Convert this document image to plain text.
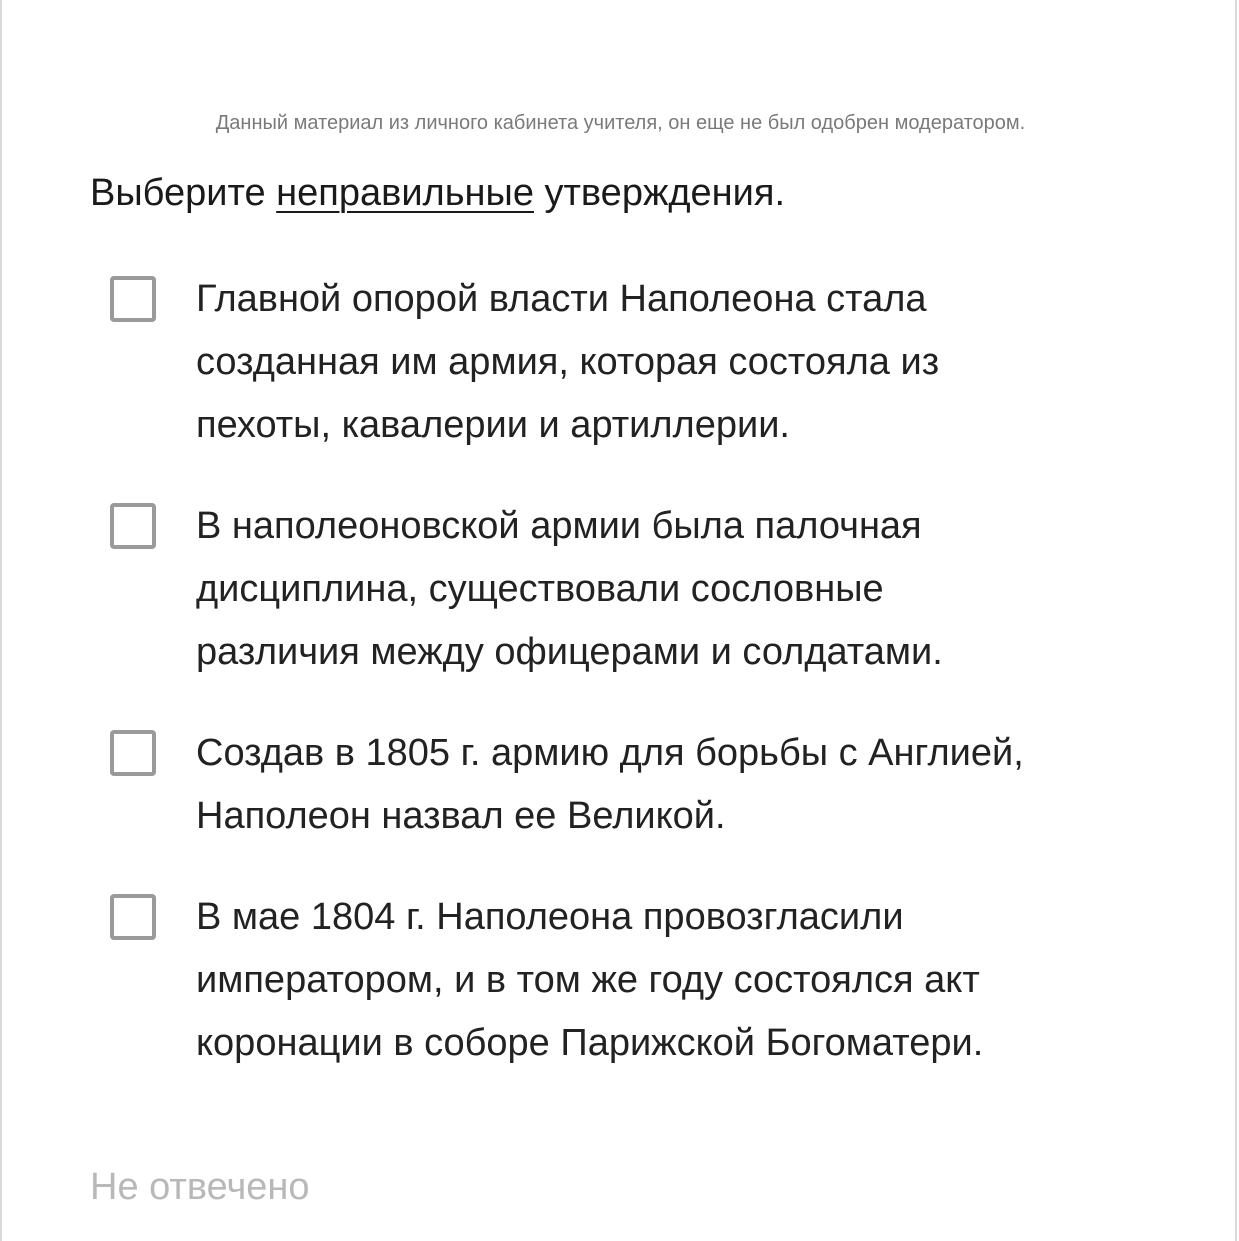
Данный материал из личного кабинета учителя, он еще не был одобрен модератором.
Выберите неправильные утверждения.
Главной опорой власти Наполеона стала
созданная им армия, которая состояла из
пехоты, кавалерии и артиллерии.
В наполеоновской армии была палочная
дисциплина, существовали сословные
различия между офицерами и солдатами.
Создав в 1805 г. армию для борьбы с Англией,
Наполеон назвал ее Великой.
В мае 1804 г. Наполеона провозгласили
императором, и в том же году состоялся акт
коронации в соборе Парижской Богоматери.
Не отвечено
